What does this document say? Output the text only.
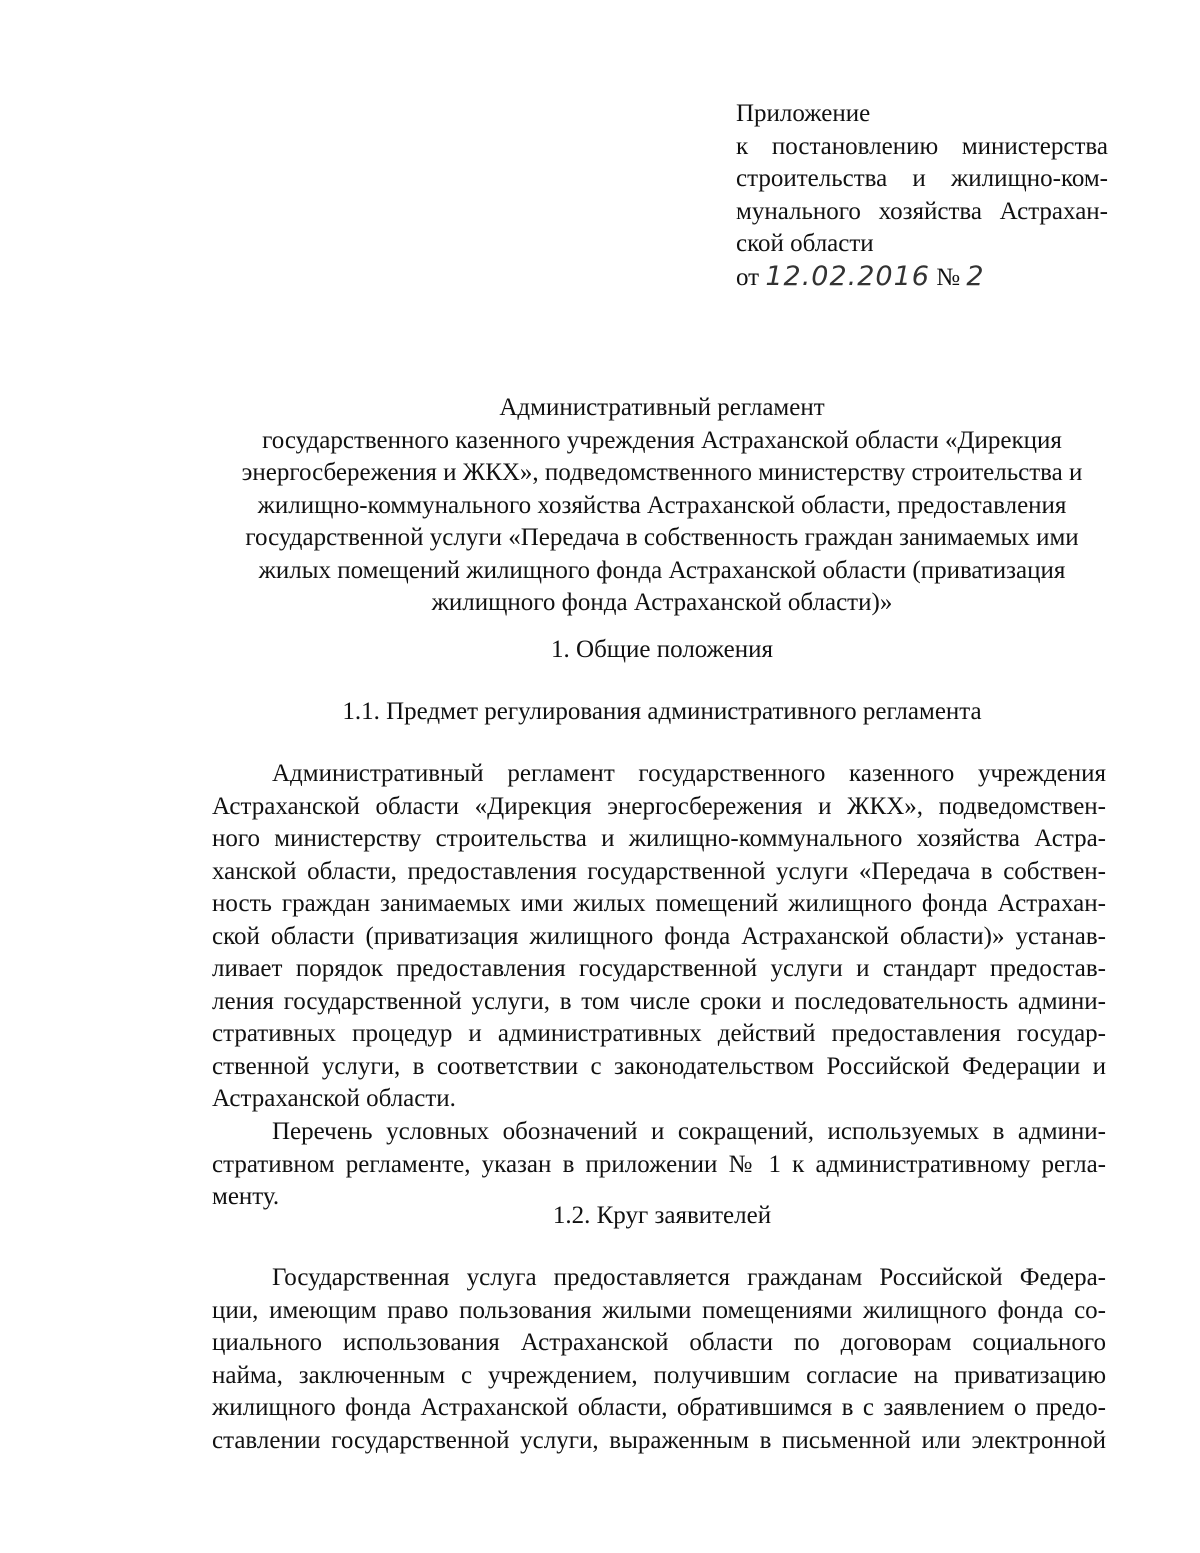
Приложение
к постановлению министерства
строительства и жилищно-ком-
мунального хозяйства Астрахан-
ской области
от 12.02.2016 № 2
Административный регламент
государственного казенного учреждения Астраханской области «Дирекция
энергосбережения и ЖКХ», подведомственного министерству строительства и
жилищно-коммунального хозяйства Астраханской области, предоставления
государственной услуги «Передача в собственность граждан занимаемых ими
жилых помещений жилищного фонда Астраханской области (приватизация
жилищного фонда Астраханской области)»
1. Общие положения
1.1. Предмет регулирования административного регламента
Административный регламент государственного казенного учреждения
Астраханской области «Дирекция энергосбережения и ЖКХ», подведомствен-
ного министерству строительства и жилищно-коммунального хозяйства Астра-
ханской области, предоставления государственной услуги «Передача в собствен-
ность граждан занимаемых ими жилых помещений жилищного фонда Астрахан-
ской области (приватизация жилищного фонда Астраханской области)» устанав-
ливает порядок предоставления государственной услуги и стандарт предостав-
ления государственной услуги, в том числе сроки и последовательность админи-
стративных процедур и административных действий предоставления государ-
ственной услуги, в соответствии с законодательством Российской Федерации и
Астраханской области.
Перечень условных обозначений и сокращений, используемых в админи-
стративном регламенте, указан в приложении № 1 к административному регла-
менту.
1.2. Круг заявителей
Государственная услуга предоставляется гражданам Российской Федера-
ции, имеющим право пользования жилыми помещениями жилищного фонда со-
циального использования Астраханской области по договорам социального
найма, заключенным с учреждением, получившим согласие на приватизацию
жилищного фонда Астраханской области, обратившимся в с заявлением о предо-
ставлении государственной услуги, выраженным в письменной или электронной
